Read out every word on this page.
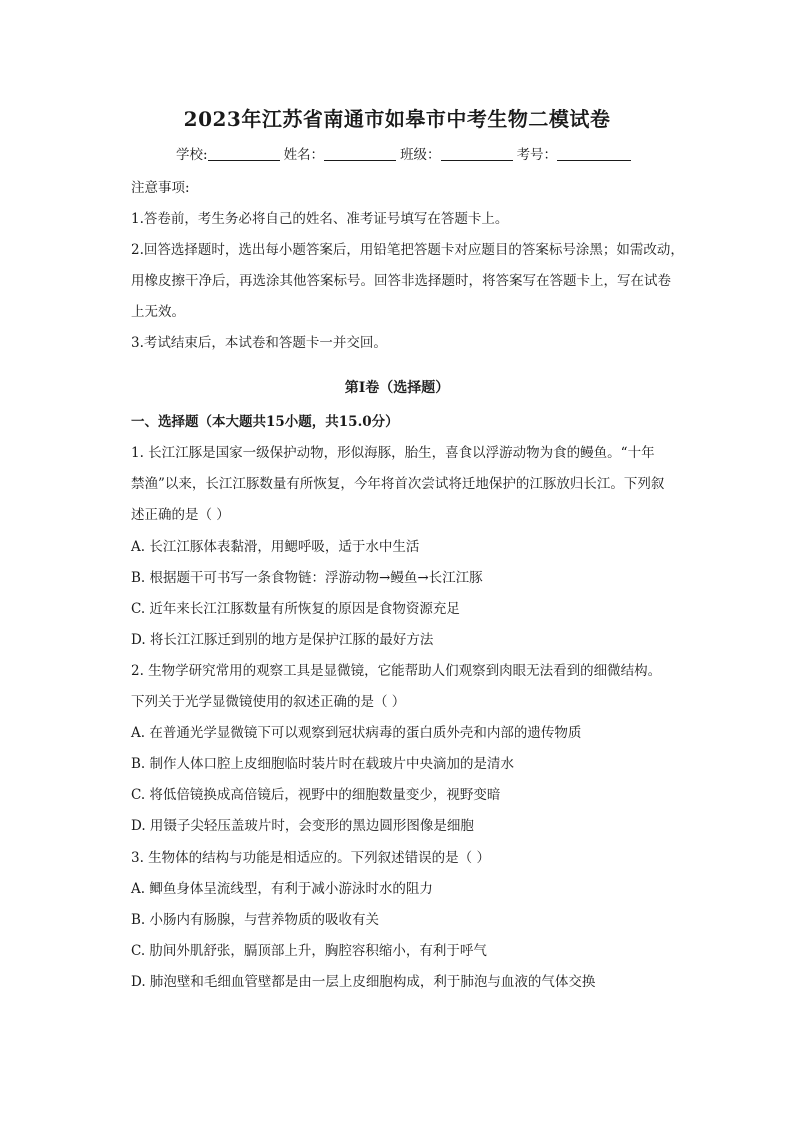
2023年江苏省南通市如皋市中考生物二模试卷
学校:	姓名：	班级：	考号：
注意事项:
1.答卷前，考生务必将自己的姓名、准考证号填写在答题卡上。
2.回答选择题时，选出每小题答案后，用铅笔把答题卡对应题目的答案标号涂黑；如需改动，
用橡皮擦干净后，再选涂其他答案标号。回答非选择题时，将答案写在答题卡上，写在试卷
上无效。
3.考试结束后，本试卷和答题卡一并交回。
第I卷（选择题）
一、选择题（本大题共15小题，共15.0分）
1. 长江江豚是国家一级保护动物，形似海豚，胎生，喜食以浮游动物为食的鳗鱼。“十年
禁渔”以来，长江江豚数量有所恢复，今年将首次尝试将迁地保护的江豚放归长江。下列叙
述正确的是（ ）
A. 长江江豚体表黏滑，用鳃呼吸，适于水中生活
B. 根据题干可书写一条食物链：浮游动物→鳗鱼→长江江豚
C. 近年来长江江豚数量有所恢复的原因是食物资源充足
D. 将长江江豚迁到别的地方是保护江豚的最好方法
2. 生物学研究常用的观察工具是显微镜，它能帮助人们观察到肉眼无法看到的细微结构。
下列关于光学显微镜使用的叙述正确的是（ ）
A. 在普通光学显微镜下可以观察到冠状病毒的蛋白质外壳和内部的遗传物质
B. 制作人体口腔上皮细胞临时装片时在载玻片中央滴加的是清水
C. 将低倍镜换成高倍镜后，视野中的细胞数量变少，视野变暗
D. 用镊子尖轻压盖玻片时，会变形的黑边圆形图像是细胞
3. 生物体的结构与功能是相适应的。下列叙述错误的是（ ）
A. 鲫鱼身体呈流线型，有利于减小游泳时水的阻力
B. 小肠内有肠腺，与营养物质的吸收有关
C. 肋间外肌舒张，膈顶部上升，胸腔容积缩小，有利于呼气
D. 肺泡壁和毛细血管壁都是由一层上皮细胞构成，利于肺泡与血液的气体交换
